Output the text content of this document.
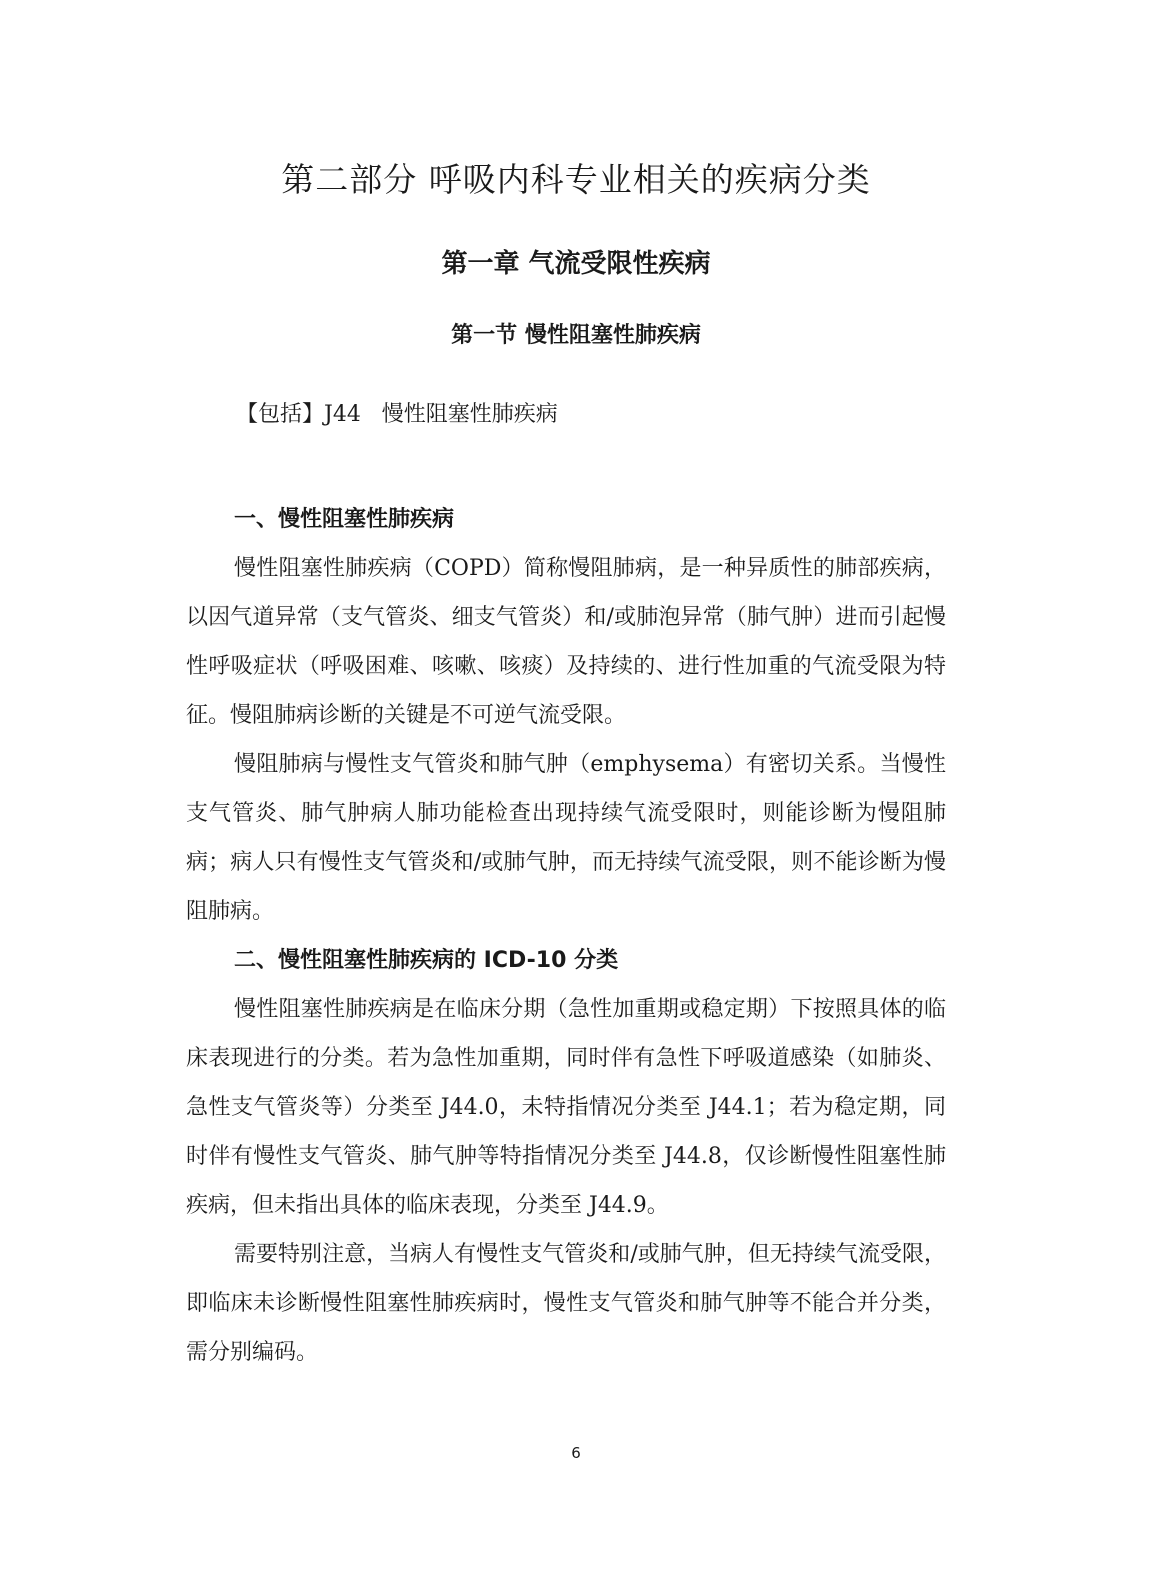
第二部分 呼吸内科专业相关的疾病分类
第一章 气流受限性疾病
第一节 慢性阻塞性肺疾病
【包括】J44   慢性阻塞性肺疾病

一、慢性阻塞性肺疾病

慢性阻塞性肺疾病（COPD）简称慢阻肺病，是一种异质性的肺部疾病，以因气道异常（支气管炎、细支气管炎）和/或肺泡异常（肺气肿）进而引起慢性呼吸症状（呼吸困难、咳嗽、咳痰）及持续的、进行性加重的气流受限为特征。慢阻肺病诊断的关键是不可逆气流受限。

慢阻肺病与慢性支气管炎和肺气肿（emphysema）有密切关系。当慢性支气管炎、肺气肿病人肺功能检查出现持续气流受限时，则能诊断为慢阻肺病；病人只有慢性支气管炎和/或肺气肿，而无持续气流受限，则不能诊断为慢阻肺病。

二、慢性阻塞性肺疾病的 ICD-10 分类

慢性阻塞性肺疾病是在临床分期（急性加重期或稳定期）下按照具体的临床表现进行的分类。若为急性加重期，同时伴有急性下呼吸道感染（如肺炎、急性支气管炎等）分类至 J44.0，未特指情况分类至 J44.1；若为稳定期，同时伴有慢性支气管炎、肺气肿等特指情况分类至 J44.8，仅诊断慢性阻塞性肺疾病，但未指出具体的临床表现，分类至 J44.9。

需要特别注意，当病人有慢性支气管炎和/或肺气肿，但无持续气流受限，即临床未诊断慢性阻塞性肺疾病时，慢性支气管炎和肺气肿等不能合并分类，需分别编码。

6
